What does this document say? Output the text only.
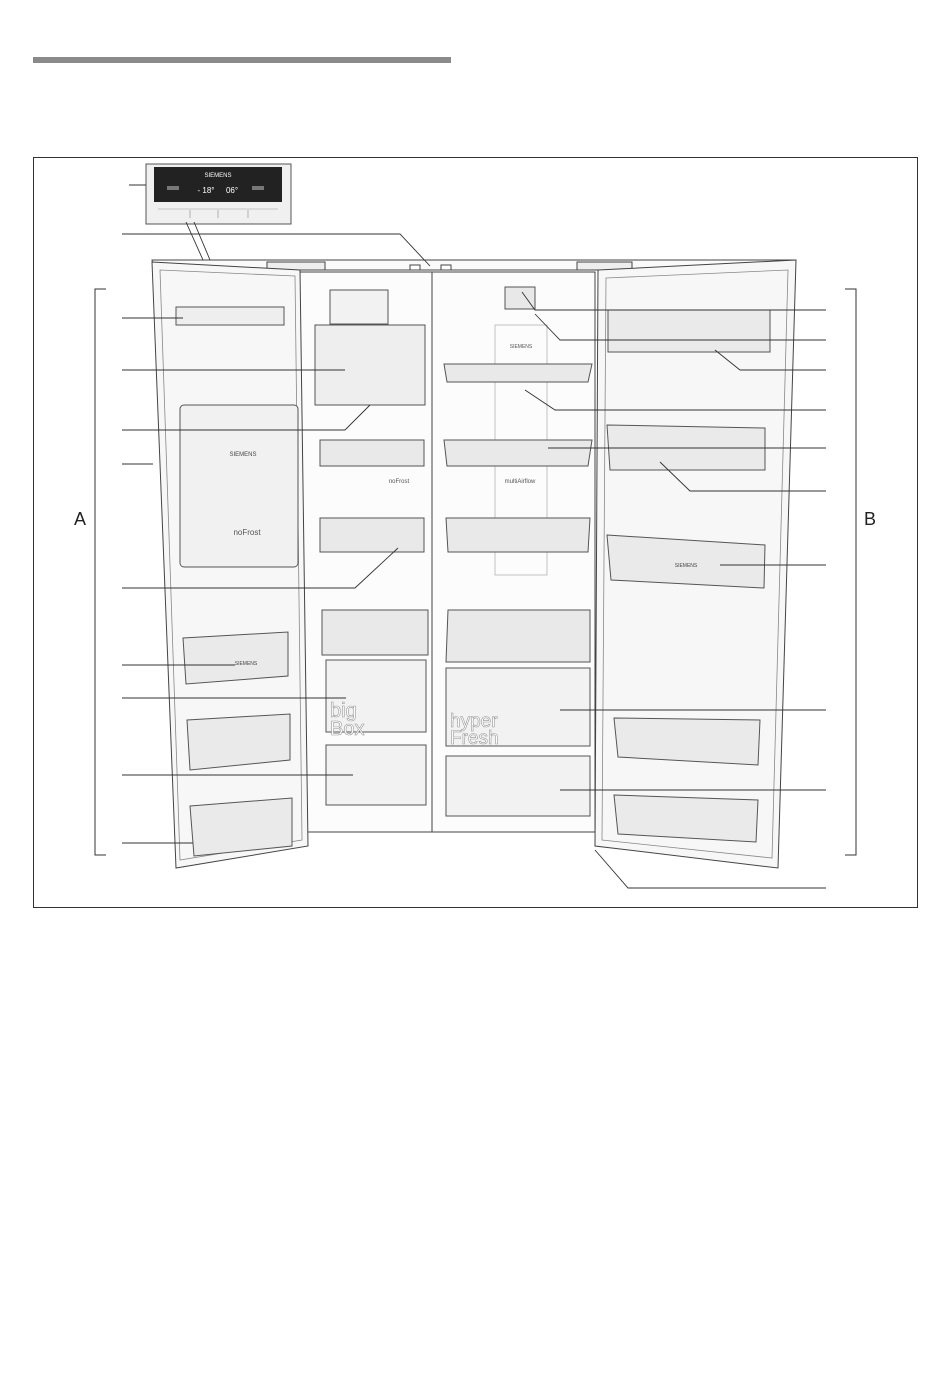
A	B
SIEMENS
- 18° 06°
SIEMENS
noFrost
SIEMENS
noFrost
big
Box
SIEMENS
multiAirflow
hyper
Fresh
SIEMENS
